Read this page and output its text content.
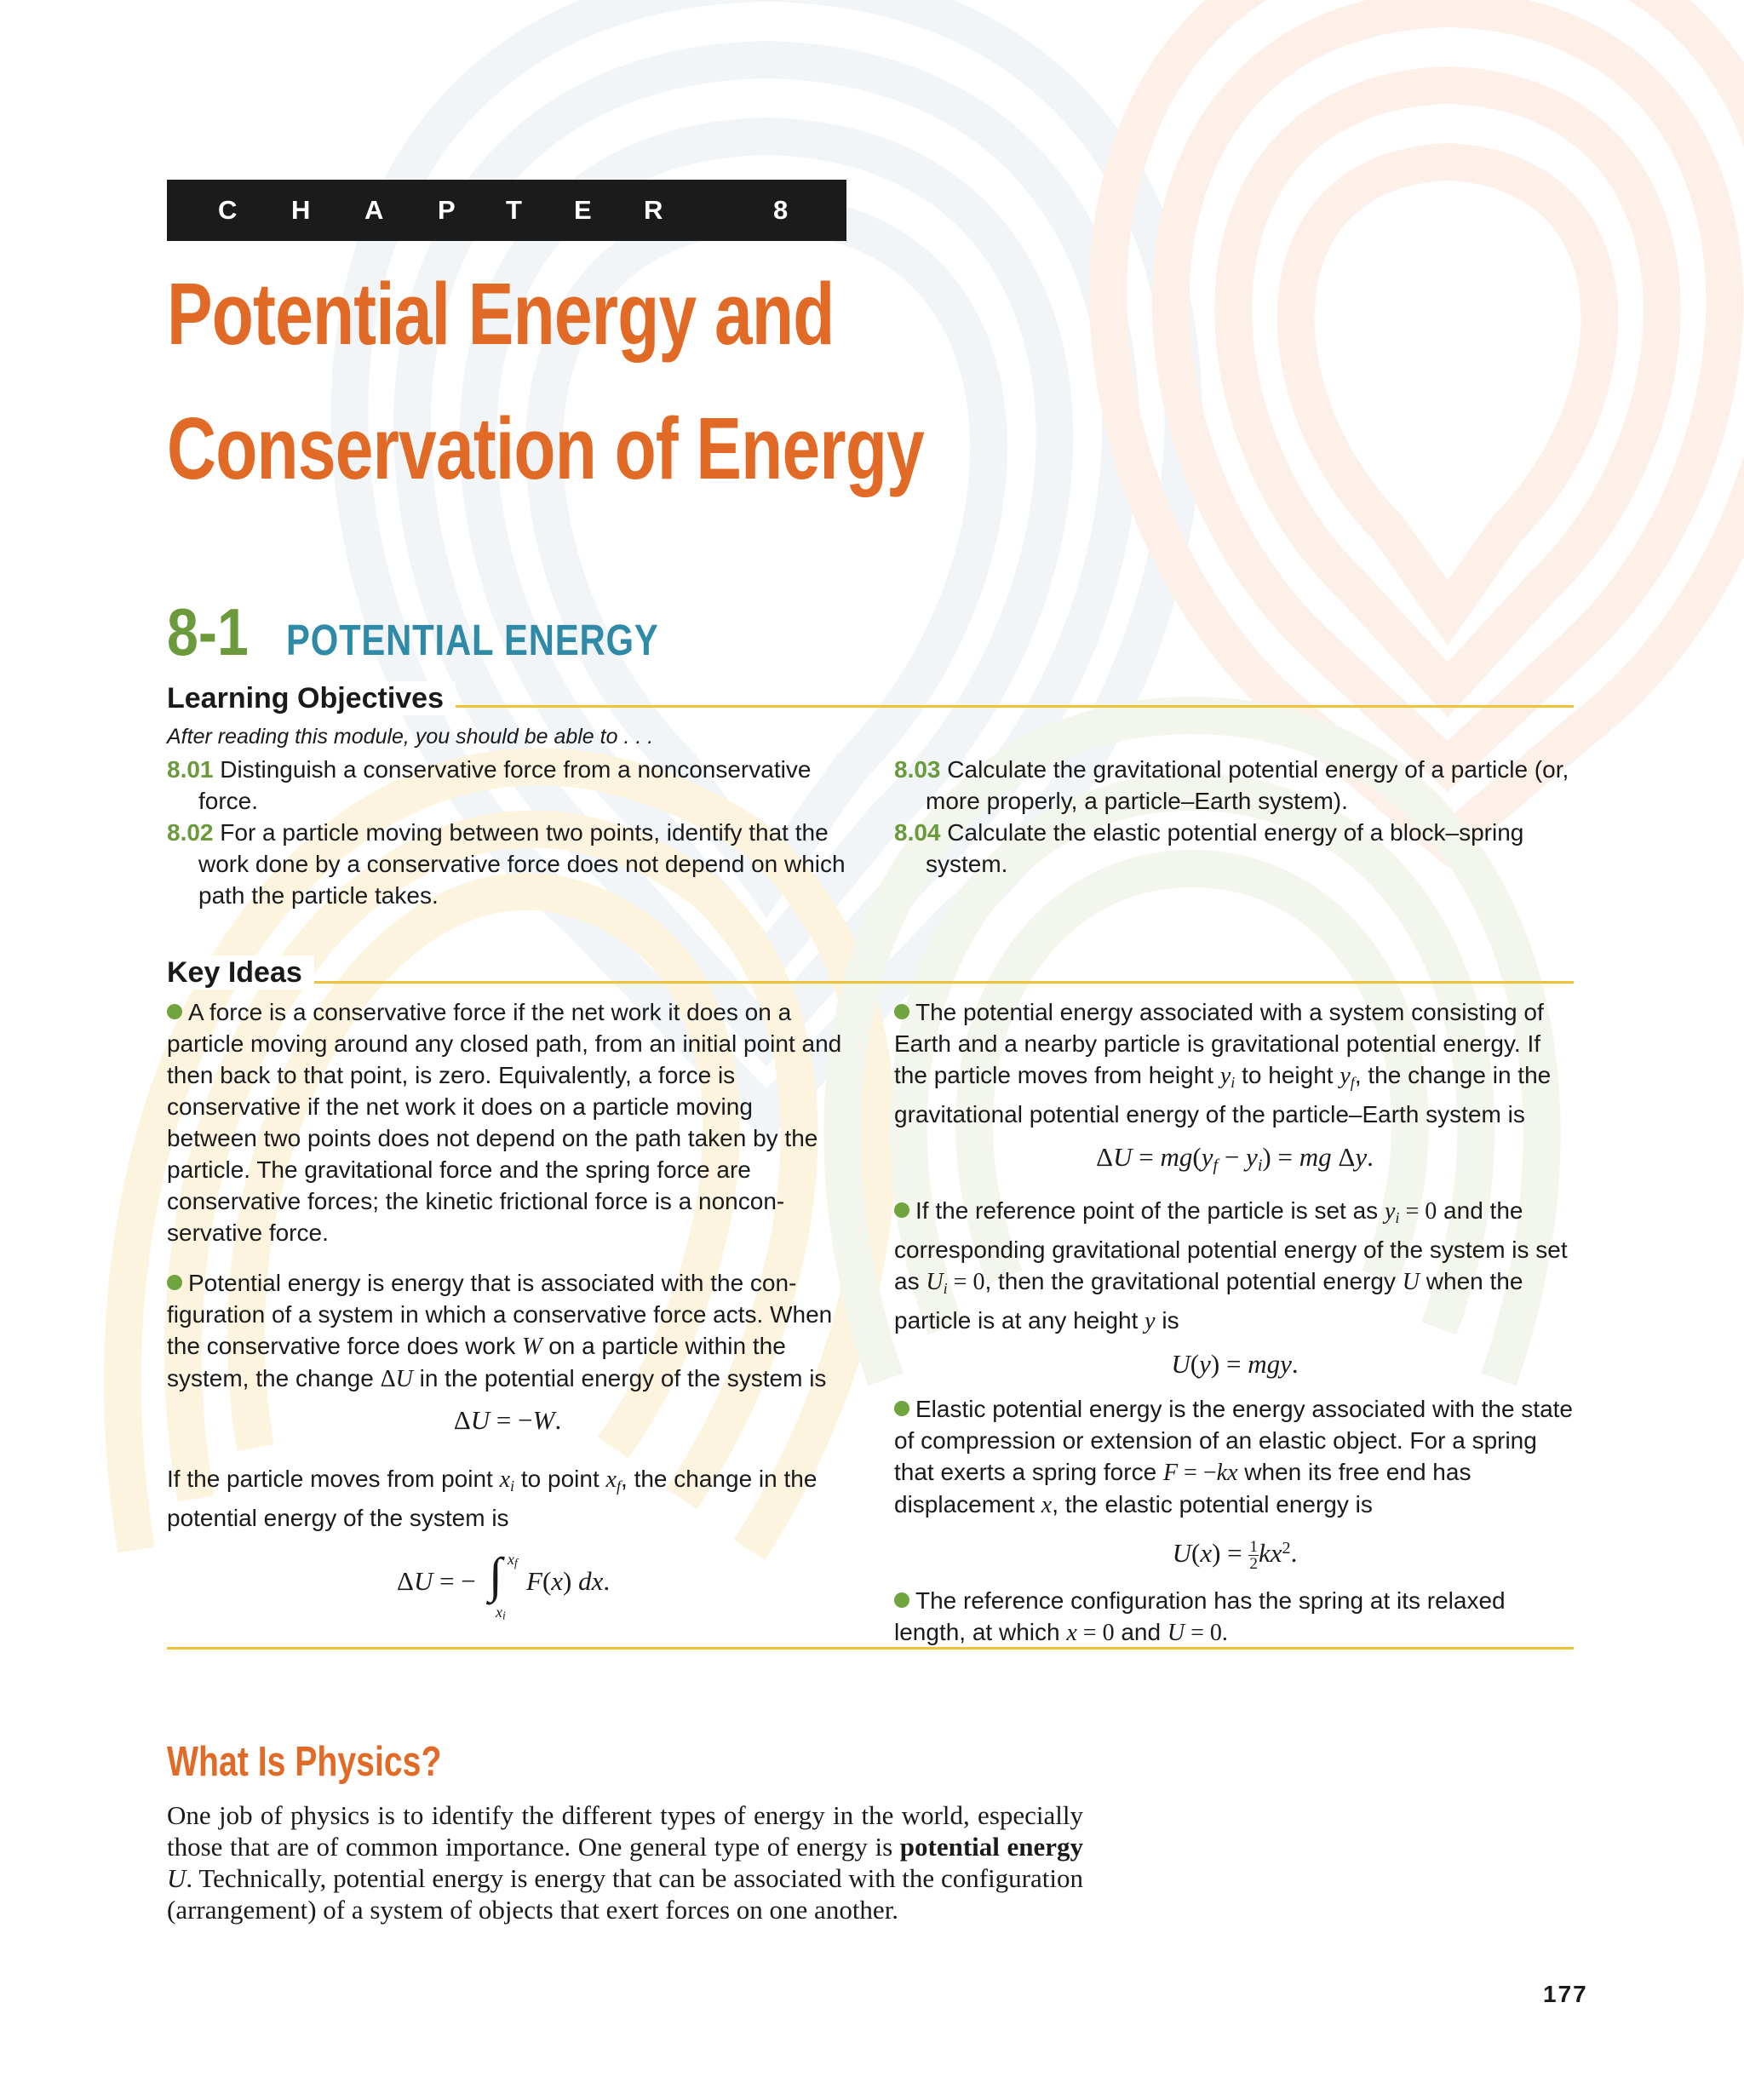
C H A P T E R	8
Potential Energy and
Conservation of Energy
8-1 POTENTIAL ENERGY
Learning Objectives
After reading this module, you should be able to . . .
8.01 Distinguish a conservative force from a nonconservative force.
8.02 For a particle moving between two points, identify that the work done by a conservative force does not depend on which path the particle takes.
8.03 Calculate the gravitational potential energy of a particle (or, more properly, a particle–Earth system).
8.04 Calculate the elastic potential energy of a block–spring system.
Key Ideas
A force is a conservative force if the net work it does on a particle moving around any closed path, from an initial point and then back to that point, is zero. Equivalently, a force is conservative if the net work it does on a particle moving between two points does not depend on the path taken by the particle. The gravitational force and the spring force are conservative forces; the kinetic frictional force is a noncon-servative force.
Potential energy is energy that is associated with the con-figuration of a system in which a conservative force acts. When the conservative force does work W on a particle within the system, the change ΔU in the potential energy of the system is
ΔU = −W.
If the particle moves from point $x_i$ to point $x_f$, the change in the potential energy of the system is
ΔU = − ∫ xf
xi
F(x) dx.
The potential energy associated with a system consisting of Earth and a nearby particle is gravitational potential energy. If the particle moves from height $y_i$ to height $y_f$, the change in the gravitational potential energy of the particle–Earth system is
$\Delta U = mg(y_f - y_i)$ = mg Δy.
If the reference point of the particle is set as $y_i = 0$ and the corresponding gravitational potential energy of the system is set as $U_i = 0$, then the gravitational potential energy U when the particle is at any height y is
U(y) = mgy.
Elastic potential energy is the energy associated with the state of compression or extension of an elastic object. For a spring that exerts a spring force F = −kx when its free end has displacement x, the elastic potential energy is
$U(x) = \frac{1}{2} kx^2$.
The reference configuration has the spring at its relaxed length, at which x = 0 and U = 0.
What Is Physics?
One job of physics is to identify the different types of energy in the world, especially those that are of common importance. One general type of energy is potential energy U. Technically, potential energy is energy that can be associated with the configuration (arrangement) of a system of objects that exert forces on one another.
177
